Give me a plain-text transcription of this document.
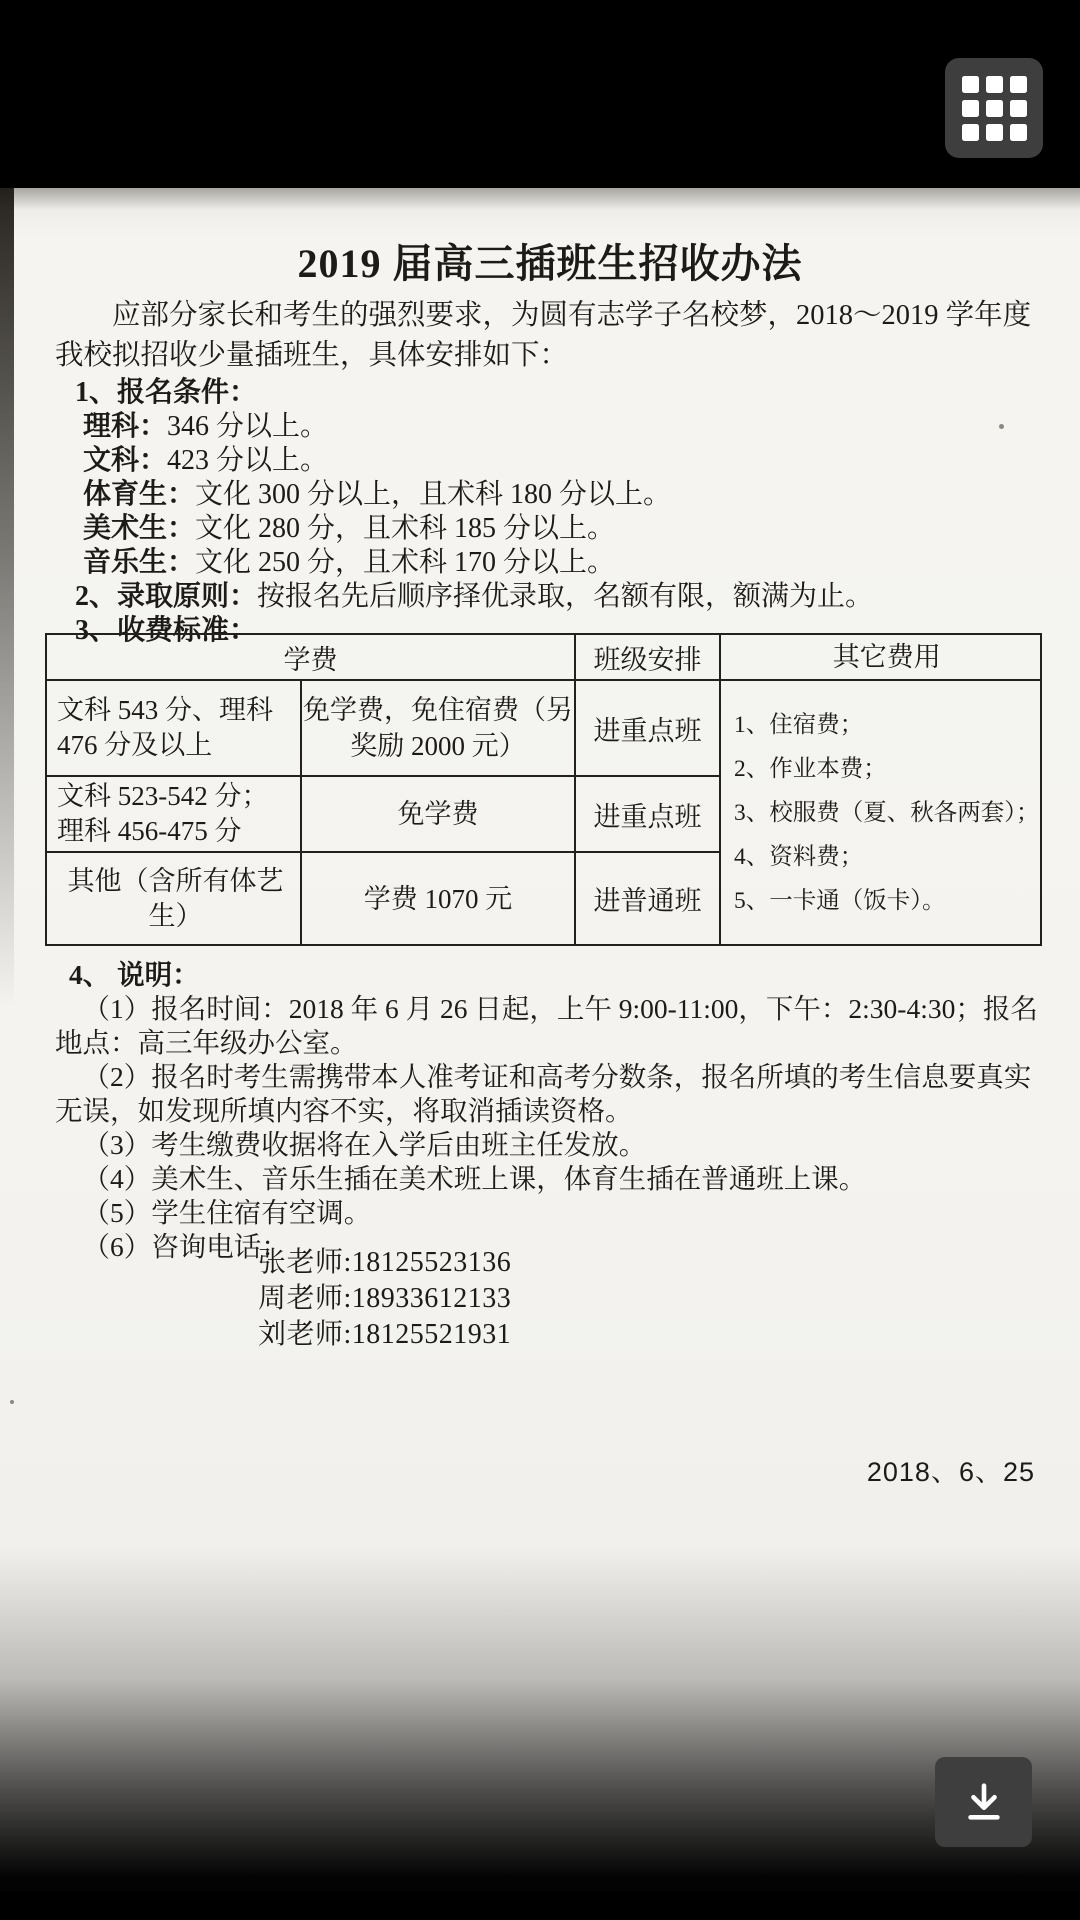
2019 届高三插班生招收办法

应部分家长和考生的强烈要求，为圆有志学子名校梦，2018～2019 学年度我校拟招收少量插班生，具体安排如下：

1、报名条件：

理科：346 分以上。

文科：423 分以上。

体育生：文化 300 分以上，且术科 180 分以上。

美术生：文化 280 分，且术科 185 分以上。

音乐生：文化 250 分，且术科 170 分以上。

2、录取原则：按报名先后顺序择优录取，名额有限，额满为止。

3、收费标准：

学费		班级安排	其它费用
文科 543 分、理科 476 分及以上	免学费，免住宿费（另奖励 2000 元）	进重点班	1、住宿费；
2、作业本费；
3、校服费（夏、秋各两套）；
4、资料费；
5、一卡通（饭卡）。

文科 523-542 分；理科 456-475 分	免学费	进重点班	
其他（含所有体艺生）	学费 1070 元	进普通班	

4、 说明：

（1）报名时间：2018 年 6 月 26 日起，上午 9:00-11:00，下午：2:30-4:30；报名地点：高三年级办公室。

（2）报名时考生需携带本人准考证和高考分数条，报名所填的考生信息要真实无误，如发现所填内容不实，将取消插读资格。

（3）考生缴费收据将在入学后由班主任发放。

（4）美术生、音乐生插在美术班上课，体育生插在普通班上课。

（5）学生住宿有空调。

（6）咨询电话：

张老师:18125523136
周老师:18933612133
刘老师:18125521931
2018、6、25
